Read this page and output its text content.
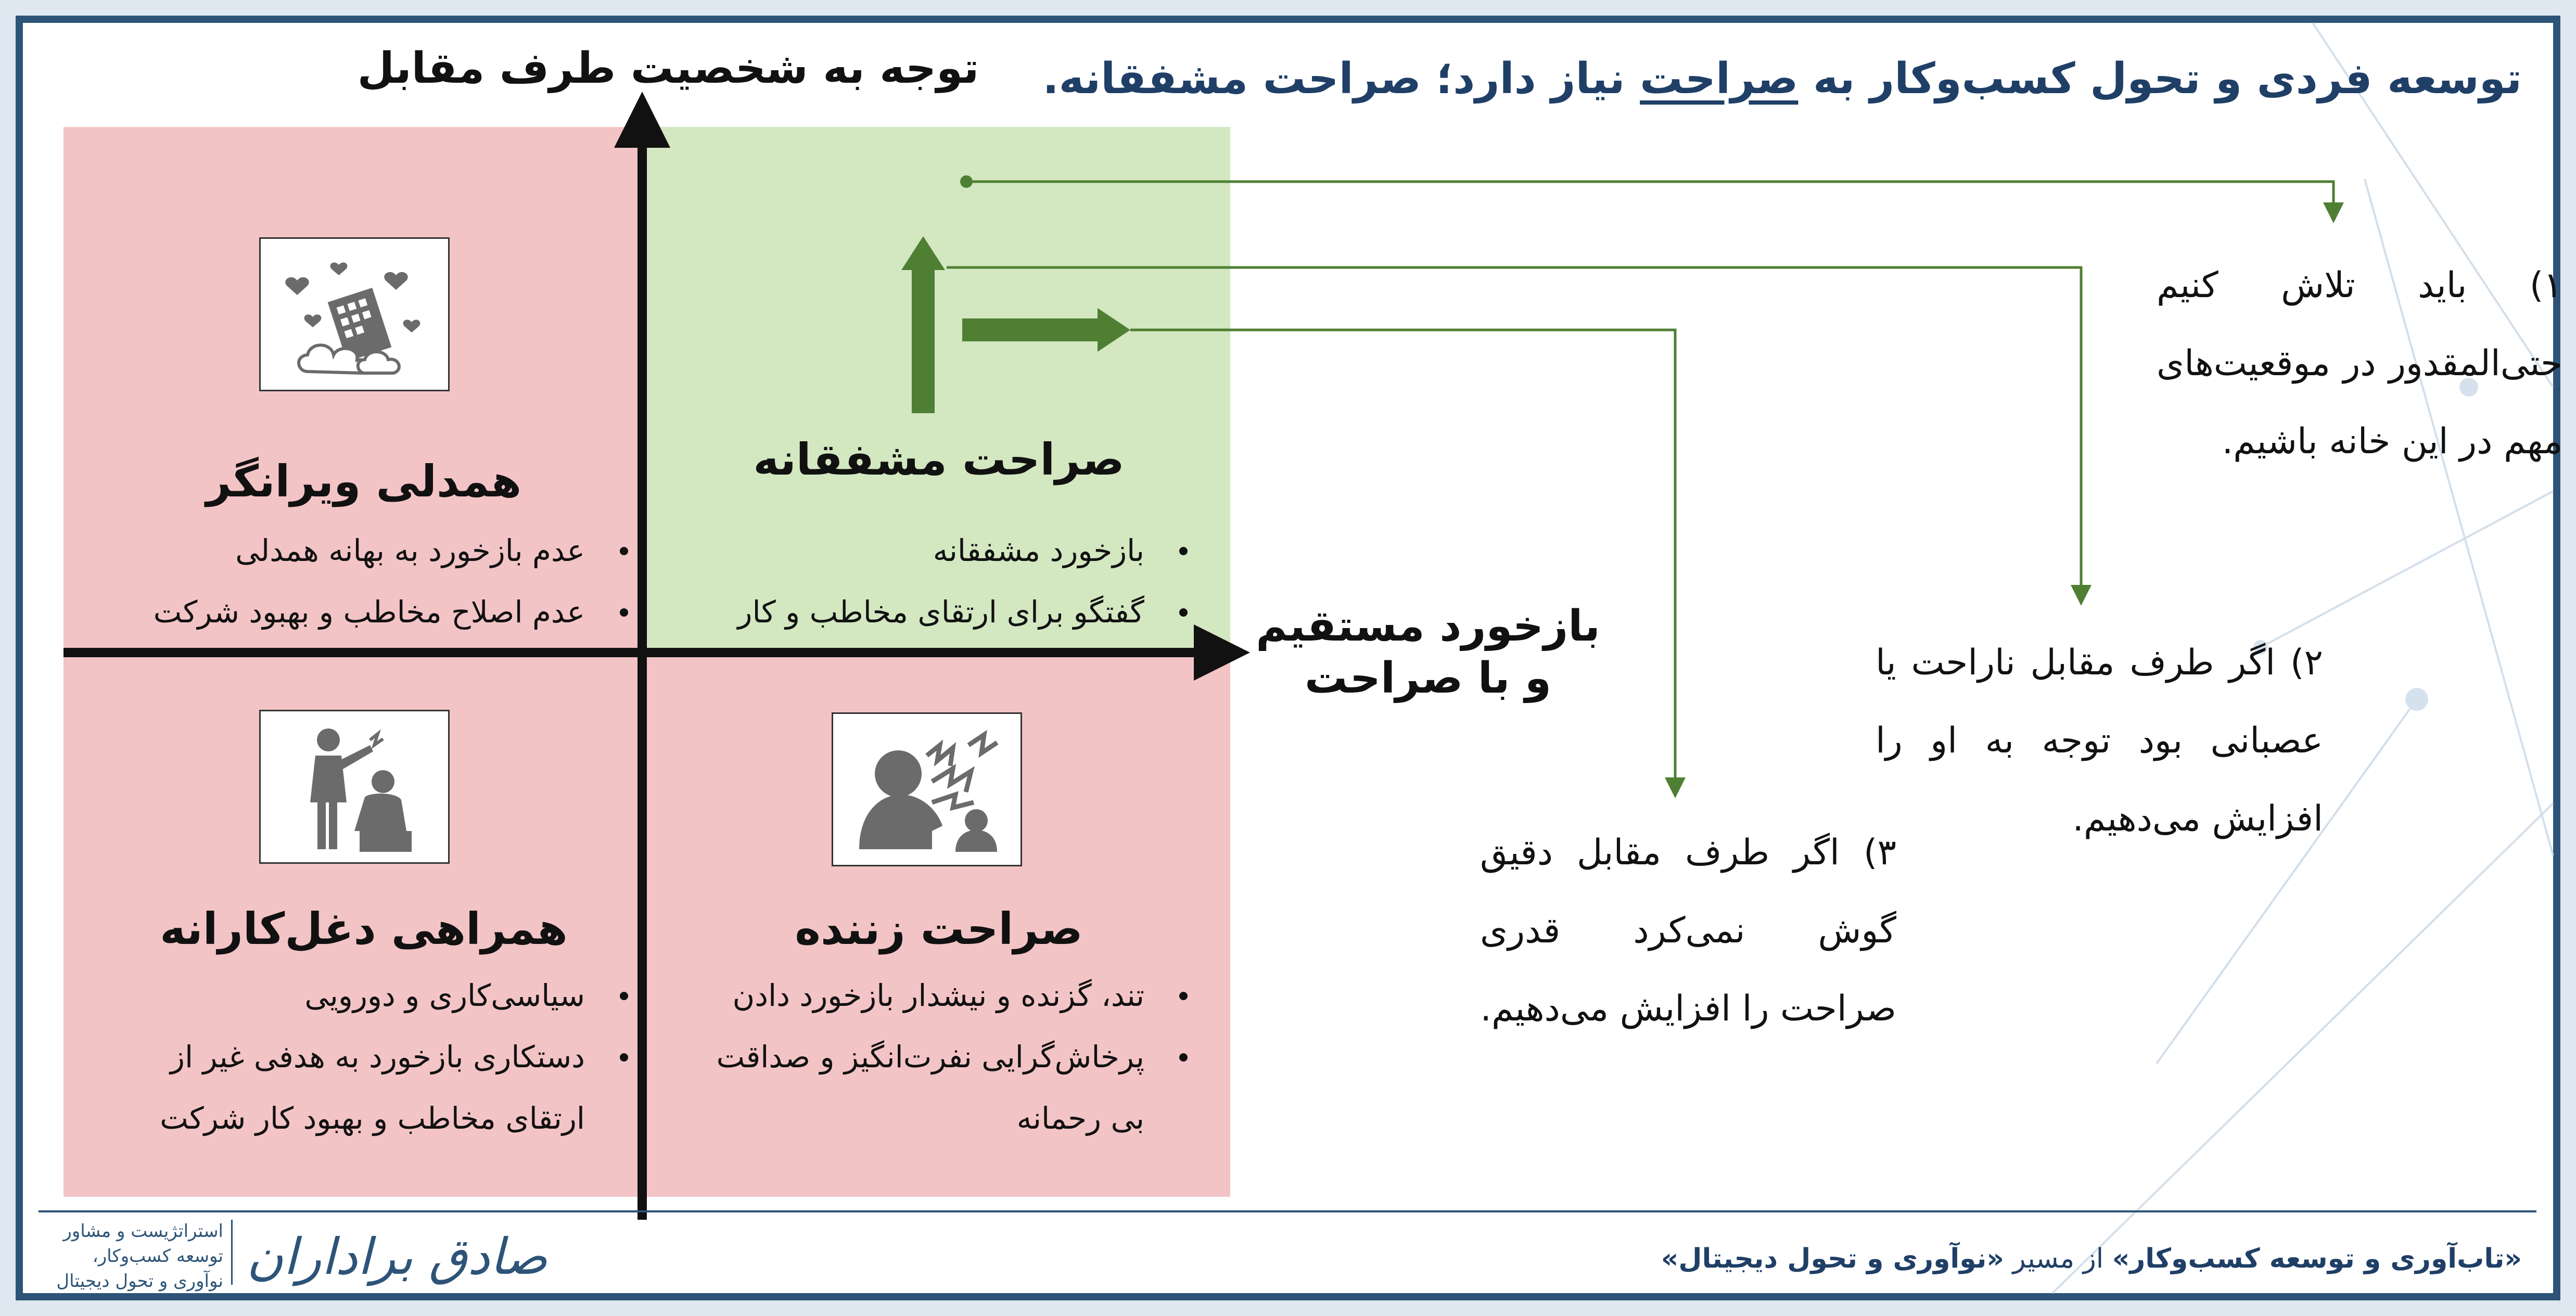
توسعه فردی و تحول کسب‌وکار به صراحت نیاز دارد؛ صراحت مشفقانه.
توجه به شخصیت طرف مقابل
بازخورد مستقیم
و با صراحت
صراحت مشفقانه
بازخورد مشفقانه
گفتگو برای ارتقای مخاطب و کار
همدلی ویرانگر
عدم بازخورد به بهانه همدلی
عدم اصلاح مخاطب و بهبود شرکت
صراحت زننده
تند، گزنده و نیشدار بازخورد دادن
پرخاش‌گرایی نفرت‌انگیز و صداقت
بی رحمانه
همراهی دغل‌کارانه
سیاسی‌کاری و دورویی
دستکاری بازخورد به هدفی غیر از
ارتقای مخاطب و بهبود کار شرکت
۱) باید تلاش کنیم حتی‌المقدور در موقعیت‌های مهم در این خانه باشیم.
۲) اگر طرف مقابل ناراحت یا عصبانی بود توجه به او را افزایش می‌دهیم.
۳) اگر طرف مقابل دقیق گوش نمی‌کرد قدری صراحت را افزایش می‌دهیم.
«تاب‌آوری و توسعه کسب‌وکار» از مسیر «نوآوری و تحول دیجیتال»
صادق براداران
استراتژیست و مشاور
توسعه کسب‌وکار،
نوآوری و تحول دیجیتال
